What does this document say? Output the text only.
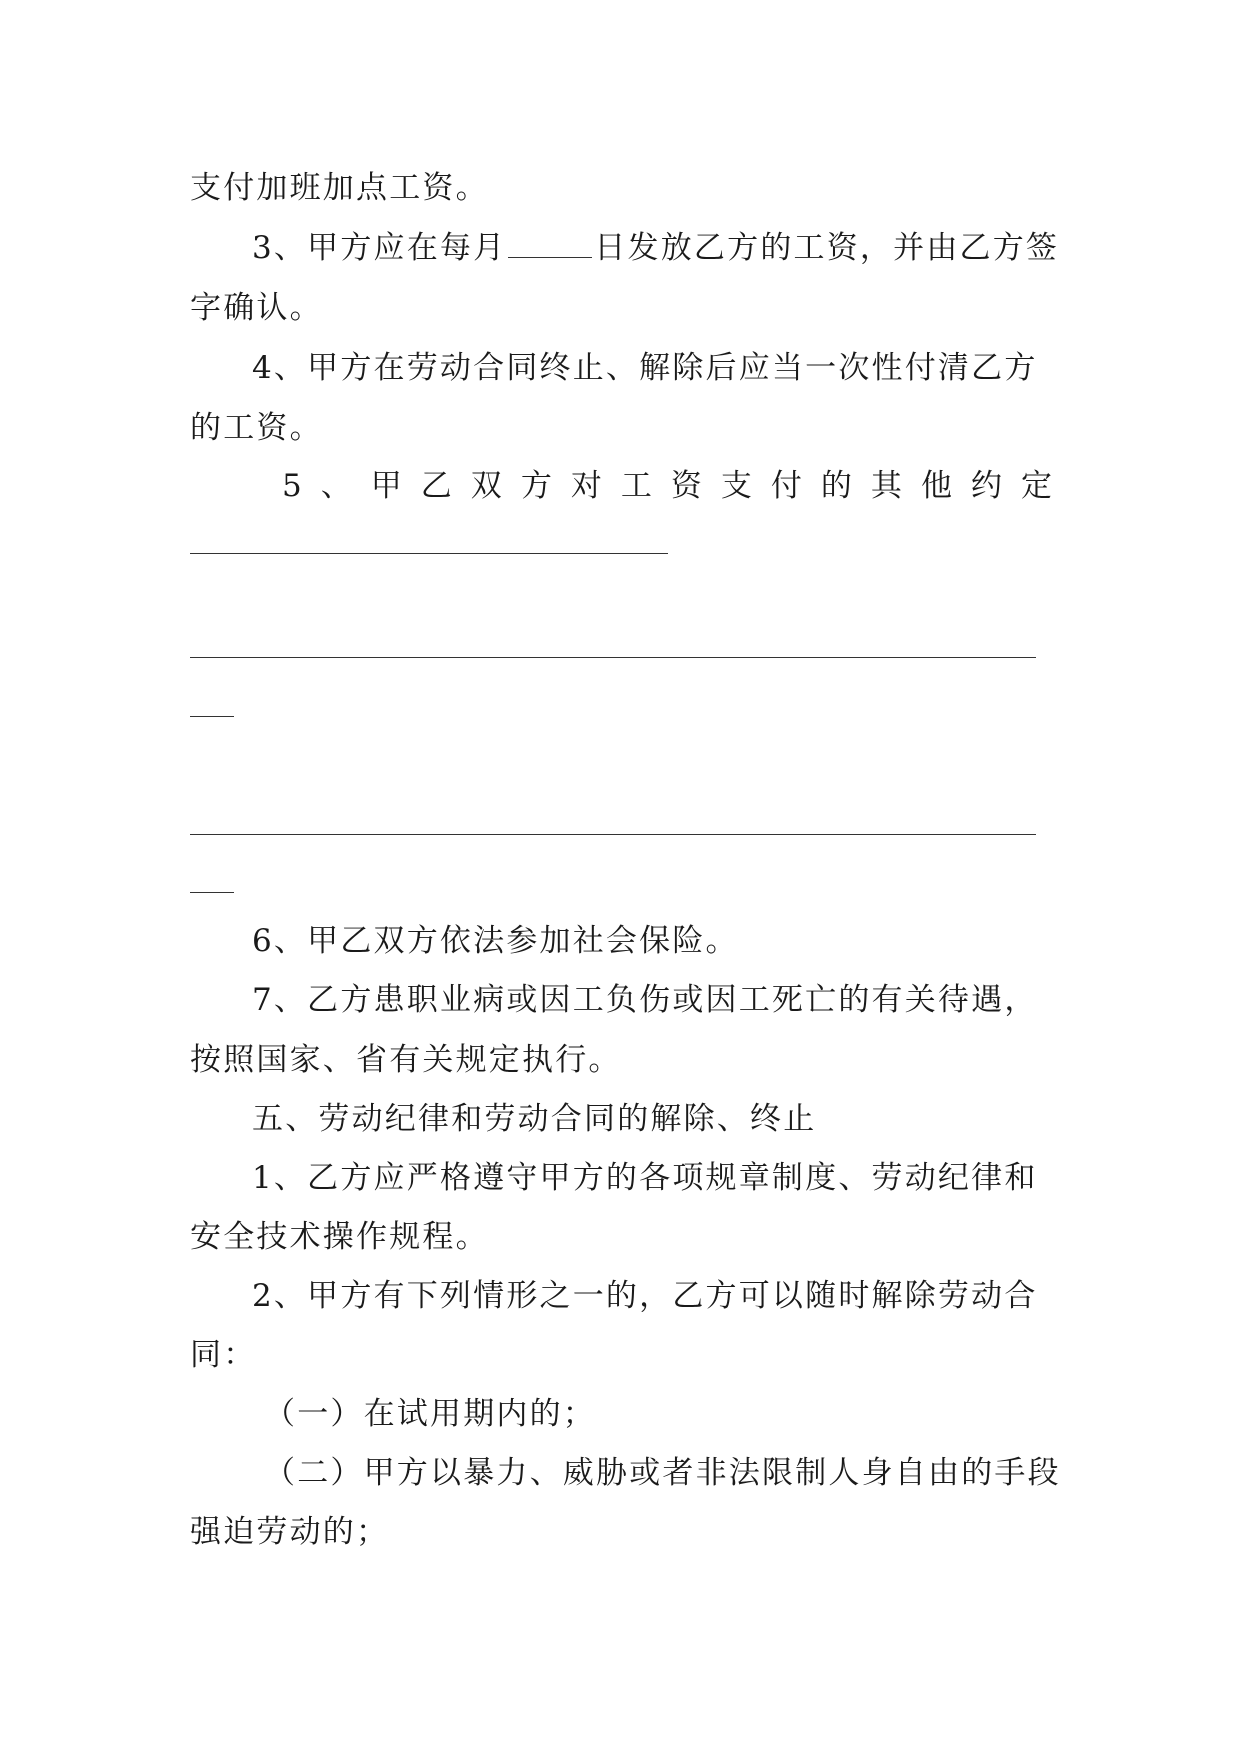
支付加班加点工资。
3、甲方应在每月	日发放乙方的工资，并由乙方签
字确认。
4、甲方在劳动合同终止、解除后应当一次性付清乙方
的工资。
5 、 甲 乙 双 方 对 工 资 支 付 的 其 他 约 定
6、甲乙双方依法参加社会保险。
7、乙方患职业病或因工负伤或因工死亡的有关待遇，
按照国家、省有关规定执行。
五、劳动纪律和劳动合同的解除、终止
1、乙方应严格遵守甲方的各项规章制度、劳动纪律和
安全技术操作规程。
2、甲方有下列情形之一的，乙方可以随时解除劳动合
同：
（一）在试用期内的；
（二）甲方以暴力、威胁或者非法限制人身自由的手段
强迫劳动的；
